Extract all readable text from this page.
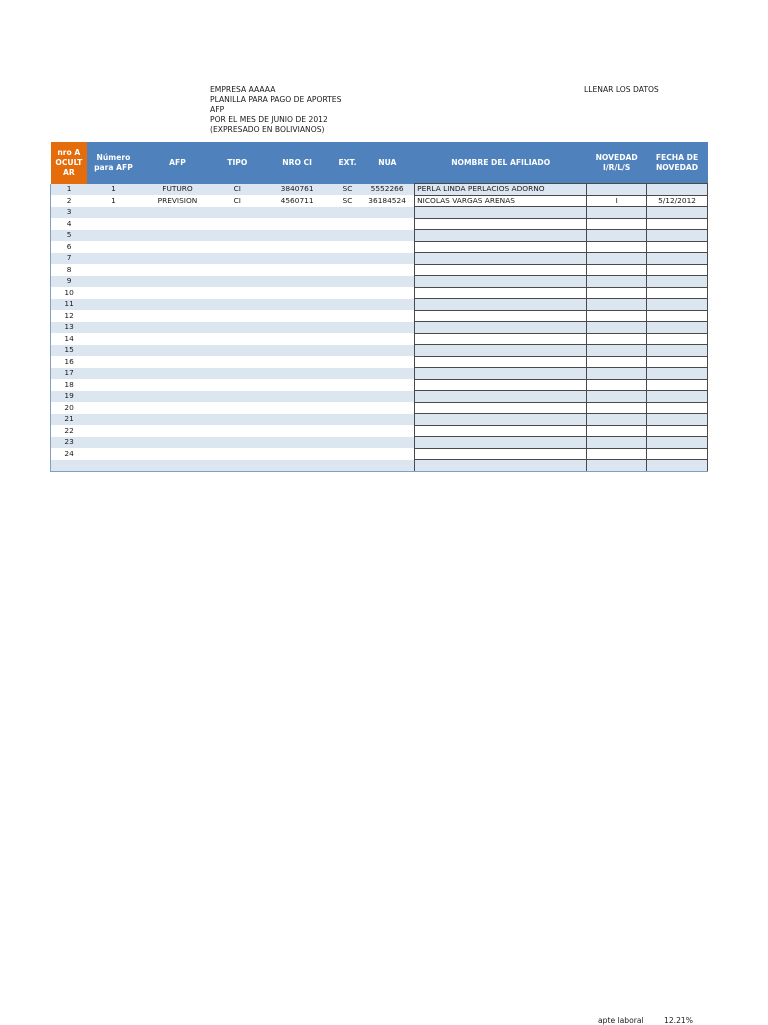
EMPRESA AAAAA
PLANILLA PARA PAGO DE APORTES
AFP
POR EL MES DE JUNIO DE 2012
(EXPRESADO EN BOLIVIANOS)
LLENAR LOS DATOS
nro A OCULT AR	Número para AFP	AFP	TIPO	NRO CI	EXT.	NUA	NOMBRE DEL AFILIADO	NOVEDAD I/R/L/S	FECHA DE NOVEDAD
1	1	FUTURO	CI	3840761	SC	5552266	PERLA LINDA PERLACIOS ADORNO		
2	1	PREVISION	CI	4560711	SC	36184524	NICOLAS VARGAS ARENAS	I	5/12/2012
3									
4									
5									
6									
7									
8									
9									
10									
11									
12									
13									
14									
15									
16									
17									
18									
19									
20									
21									
22									
23									
24									

apte laboral	12.21%
